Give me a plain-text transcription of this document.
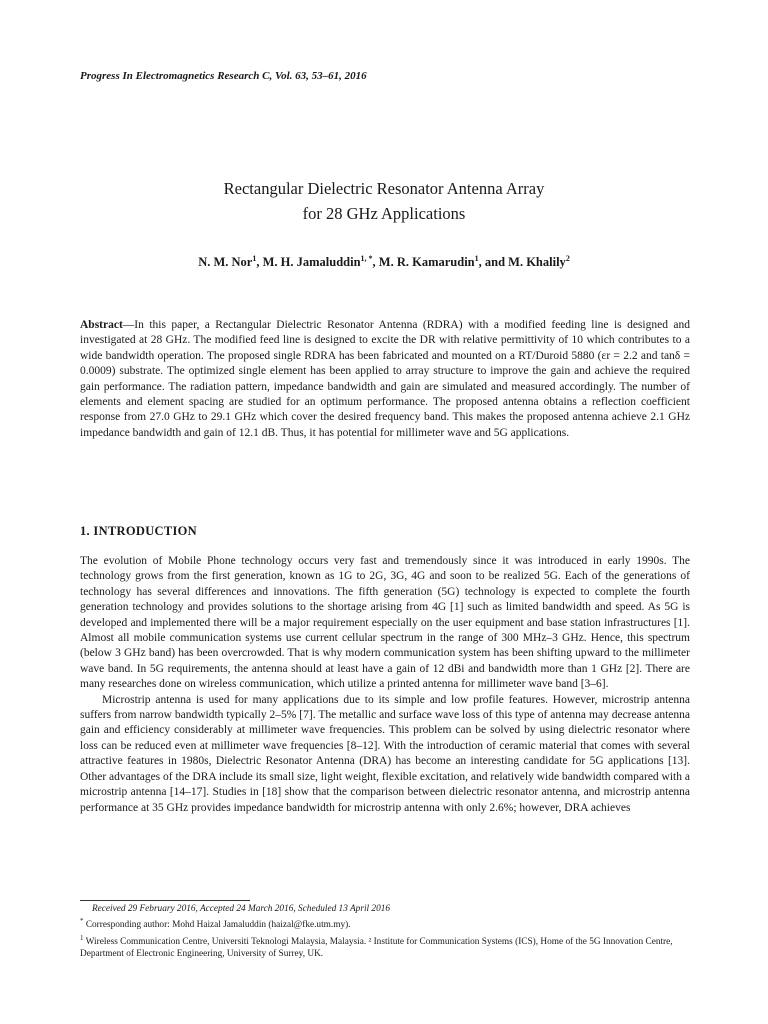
Progress In Electromagnetics Research C, Vol. 63, 53–61, 2016
Rectangular Dielectric Resonator Antenna Array
for 28 GHz Applications
N. M. Nor$^1$, M. H. Jamaluddin$^{1, *}$, M. R. Kamarudin$^1$, and M. Khalily$^2$
Abstract—In this paper, a Rectangular Dielectric Resonator Antenna (RDRA) with a modified feeding line is designed and investigated at 28 GHz. The modified feed line is designed to excite the DR with relative permittivity of 10 which contributes to a wide bandwidth operation. The proposed single RDRA has been fabricated and mounted on a RT/Duroid 5880 (εr = 2.2 and tanδ = 0.0009) substrate. The optimized single element has been applied to array structure to improve the gain and achieve the required gain performance. The radiation pattern, impedance bandwidth and gain are simulated and measured accordingly. The number of elements and element spacing are studied for an optimum performance. The proposed antenna obtains a reflection coefficient response from 27.0 GHz to 29.1 GHz which cover the desired frequency band. This makes the proposed antenna achieve 2.1 GHz impedance bandwidth and gain of 12.1 dB. Thus, it has potential for millimeter wave and 5G applications.
1. INTRODUCTION

The evolution of Mobile Phone technology occurs very fast and tremendously since it was introduced in early 1990s. The technology grows from the first generation, known as 1G to 2G, 3G, 4G and soon to be realized 5G. Each of the generations of technology has several differences and innovations. The fifth generation (5G) technology is expected to complete the fourth generation technology and provides solutions to the shortage arising from 4G [1] such as limited bandwidth and speed. As 5G is developed and implemented there will be a major requirement especially on the user equipment and base station infrastructures [1]. Almost all mobile communication systems use current cellular spectrum in the range of 300 MHz–3 GHz. Hence, this spectrum (below 3 GHz band) has been overcrowded. That is why modern communication system has been shifting upward to the millimeter wave band. In 5G requirements, the antenna should at least have a gain of 12 dBi and bandwidth more than 1 GHz [2]. There are many researches done on wireless communication, which utilize a printed antenna for millimeter wave band [3–6].

Microstrip antenna is used for many applications due to its simple and low profile features. However, microstrip antenna suffers from narrow bandwidth typically 2–5% [7]. The metallic and surface wave loss of this type of antenna may decrease antenna gain and efficiency considerably at millimeter wave frequencies. This problem can be solved by using dielectric resonator where loss can be reduced even at millimeter wave frequencies [8–12]. With the introduction of ceramic material that comes with several attractive features in 1980s, Dielectric Resonator Antenna (DRA) has become an interesting candidate for 5G applications [13]. Other advantages of the DRA include its small size, light weight, flexible excitation, and relatively wide bandwidth compared with a microstrip antenna [14–17]. Studies in [18] show that the comparison between dielectric resonator antenna, and microstrip antenna performance at 35 GHz provides impedance bandwidth for microstrip antenna with only 2.6%; however, DRA achieves

Received 29 February 2016, Accepted 24 March 2016, Scheduled 13 April 2016
* Corresponding author: Mohd Haizal Jamaluddin (haizal@fke.utm.my).
$^1$ Wireless Communication Centre, Universiti Teknologi Malaysia, Malaysia. ² Institute for Communication Systems (ICS), Home of the 5G Innovation Centre, Department of Electronic Engineering, University of Surrey, UK.
